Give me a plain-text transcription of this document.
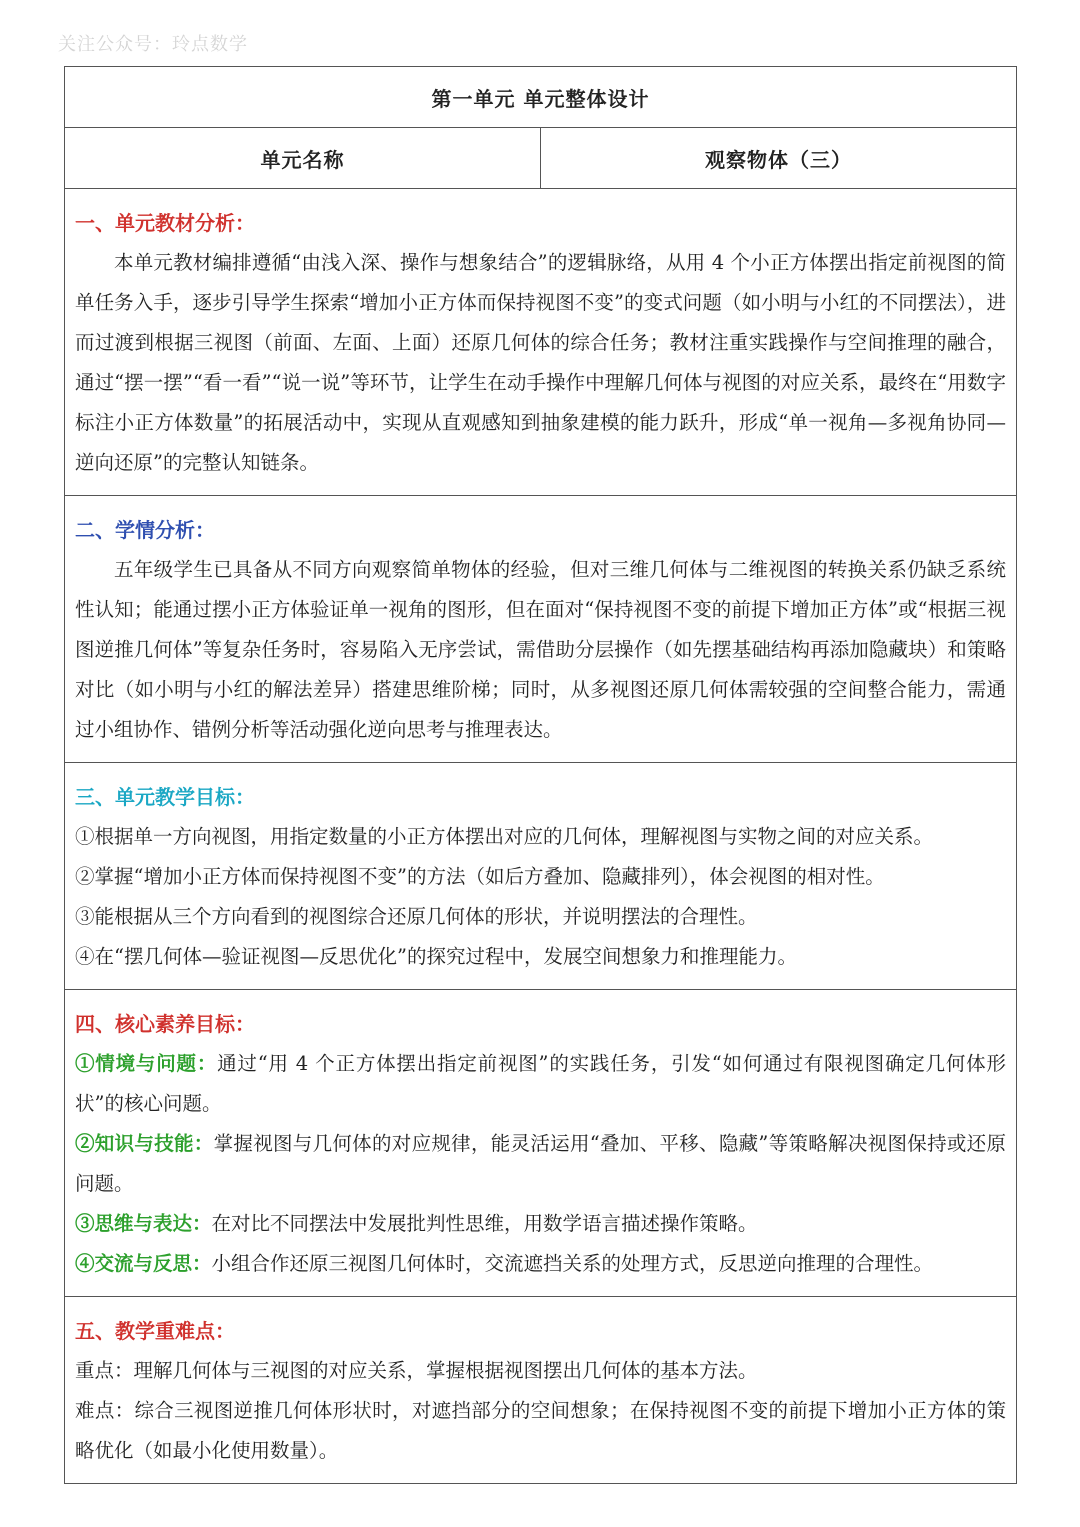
关注公众号：玲点数学
第一单元 单元整体设计
单元名称	观察物体（三）

一、单元教材分析：
本单元教材编排遵循“由浅入深、操作与想象结合”的逻辑脉络，从用 4 个小正方体摆出指定前视图的简单任务入手，逐步引导学生探索“增加小正方体而保持视图不变”的变式问题（如小明与小红的不同摆法），进而过渡到根据三视图（前面、左面、上面）还原几何体的综合任务；教材注重实践操作与空间推理的融合，通过“摆一摆”“看一看”“说一说”等环节，让学生在动手操作中理解几何体与视图的对应关系，最终在“用数字标注小正方体数量”的拓展活动中，实现从直观感知到抽象建模的能力跃升，形成“单一视角—多视角协同—逆向还原”的完整认知链条。

二、学情分析：
五年级学生已具备从不同方向观察简单物体的经验，但对三维几何体与二维视图的转换关系仍缺乏系统性认知；能通过摆小正方体验证单一视角的图形，但在面对“保持视图不变的前提下增加正方体”或“根据三视图逆推几何体”等复杂任务时，容易陷入无序尝试，需借助分层操作（如先摆基础结构再添加隐藏块）和策略对比（如小明与小红的解法差异）搭建思维阶梯；同时，从多视图还原几何体需较强的空间整合能力，需通过小组协作、错例分析等活动强化逆向思考与推理表达。

三、单元教学目标：
①根据单一方向视图，用指定数量的小正方体摆出对应的几何体，理解视图与实物之间的对应关系。
②掌握“增加小正方体而保持视图不变”的方法（如后方叠加、隐藏排列），体会视图的相对性。
③能根据从三个方向看到的视图综合还原几何体的形状，并说明摆法的合理性。
④在“摆几何体—验证视图—反思优化”的探究过程中，发展空间想象力和推理能力。

四、核心素养目标：
①情境与问题：通过“用 4 个正方体摆出指定前视图”的实践任务，引发“如何通过有限视图确定几何体形状”的核心问题。
②知识与技能：掌握视图与几何体的对应规律，能灵活运用“叠加、平移、隐藏”等策略解决视图保持或还原问题。
③思维与表达：在对比不同摆法中发展批判性思维，用数学语言描述操作策略。
④交流与反思：小组合作还原三视图几何体时，交流遮挡关系的处理方式，反思逆向推理的合理性。

五、教学重难点：
重点：理解几何体与三视图的对应关系，掌握根据视图摆出几何体的基本方法。
难点：综合三视图逆推几何体形状时，对遮挡部分的空间想象；在保持视图不变的前提下增加小正方体的策略优化（如最小化使用数量）。
